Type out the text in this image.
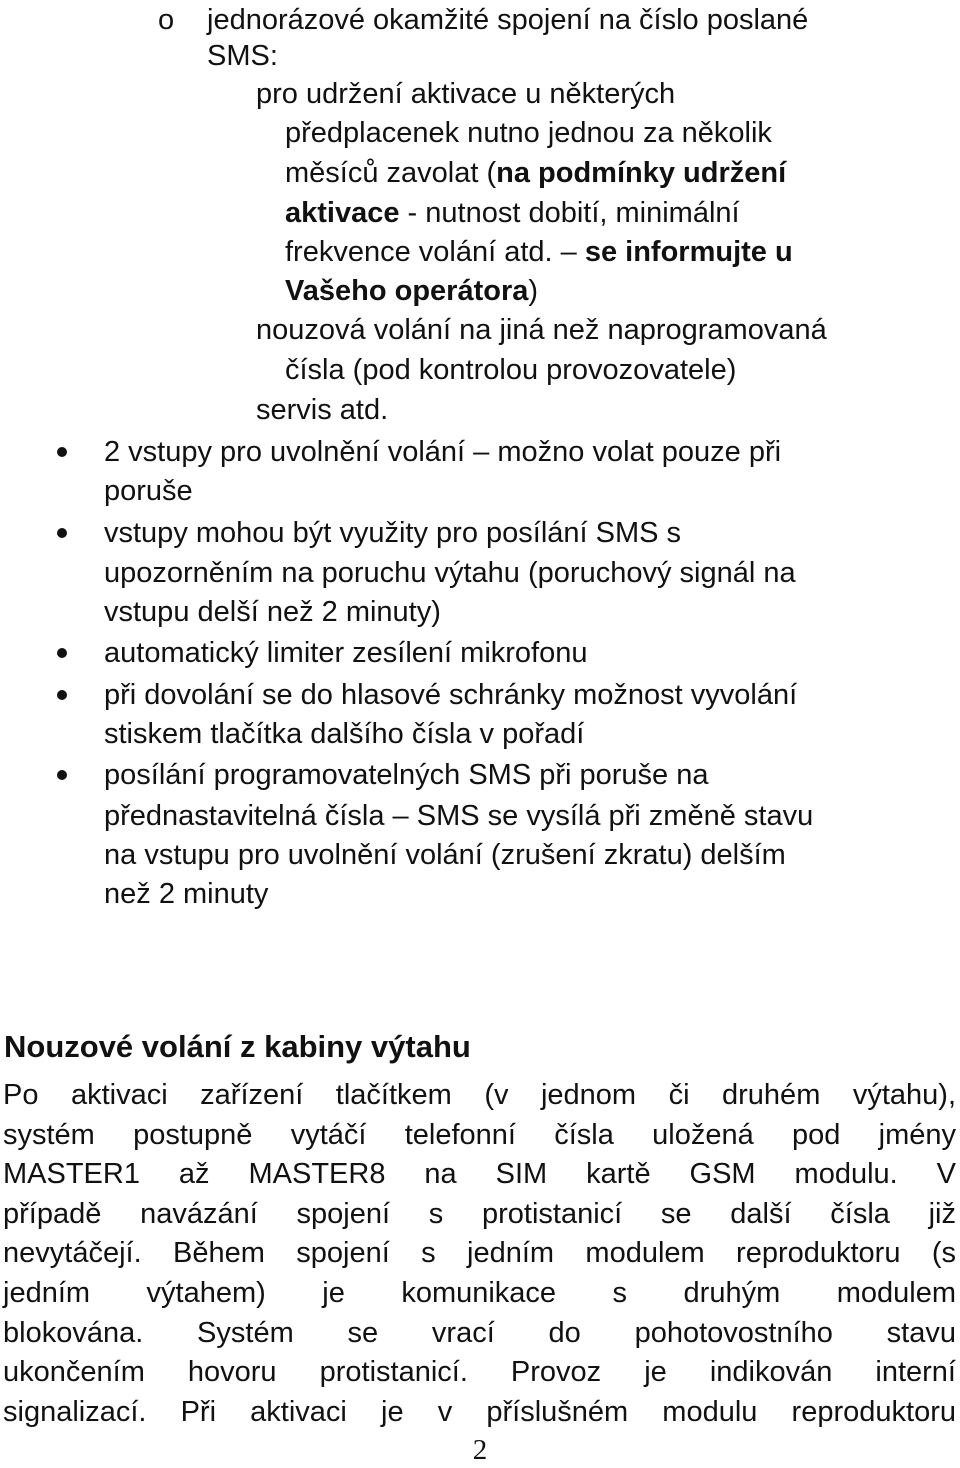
o jednorázové okamžité spojení na číslo poslané
SMS:
pro udržení aktivace u některých
předplacenek nutno jednou za několik
měsíců zavolat (na podmínky udržení
aktivace - nutnost dobití, minimální
frekvence volání atd. – se informujte u
Vašeho operátora)
nouzová volání na jiná než naprogramovaná
čísla (pod kontrolou provozovatele)
servis atd.
2 vstupy pro uvolnění volání – možno volat pouze při
poruše
vstupy mohou být využity pro posílání SMS s
upozorněním na poruchu výtahu (poruchový signál na
vstupu delší než 2 minuty)
automatický limiter zesílení mikrofonu
při dovolání se do hlasové schránky možnost vyvolání
stiskem tlačítka dalšího čísla v pořadí
posílání programovatelných SMS při poruše na
přednastavitelná čísla – SMS se vysílá při změně stavu
na vstupu pro uvolnění volání (zrušení zkratu) delším
než 2 minuty
Nouzové volání z kabiny výtahu

Po aktivaci zařízení tlačítkem (v jednom či druhém výtahu),
systém postupně vytáčí telefonní čísla uložená pod jmény
MASTER1 až MASTER8 na SIM kartě GSM modulu. V
případě navázání spojení s protistanicí se další čísla již
nevytáčejí. Během spojení s jedním modulem reproduktoru (s
jedním výtahem) je komunikace s druhým modulem
blokována. Systém se vrací do pohotovostního stavu
ukončením hovoru protistanicí. Provoz je indikován interní
signalizací. Při aktivaci je v příslušném modulu reproduktoru

2
